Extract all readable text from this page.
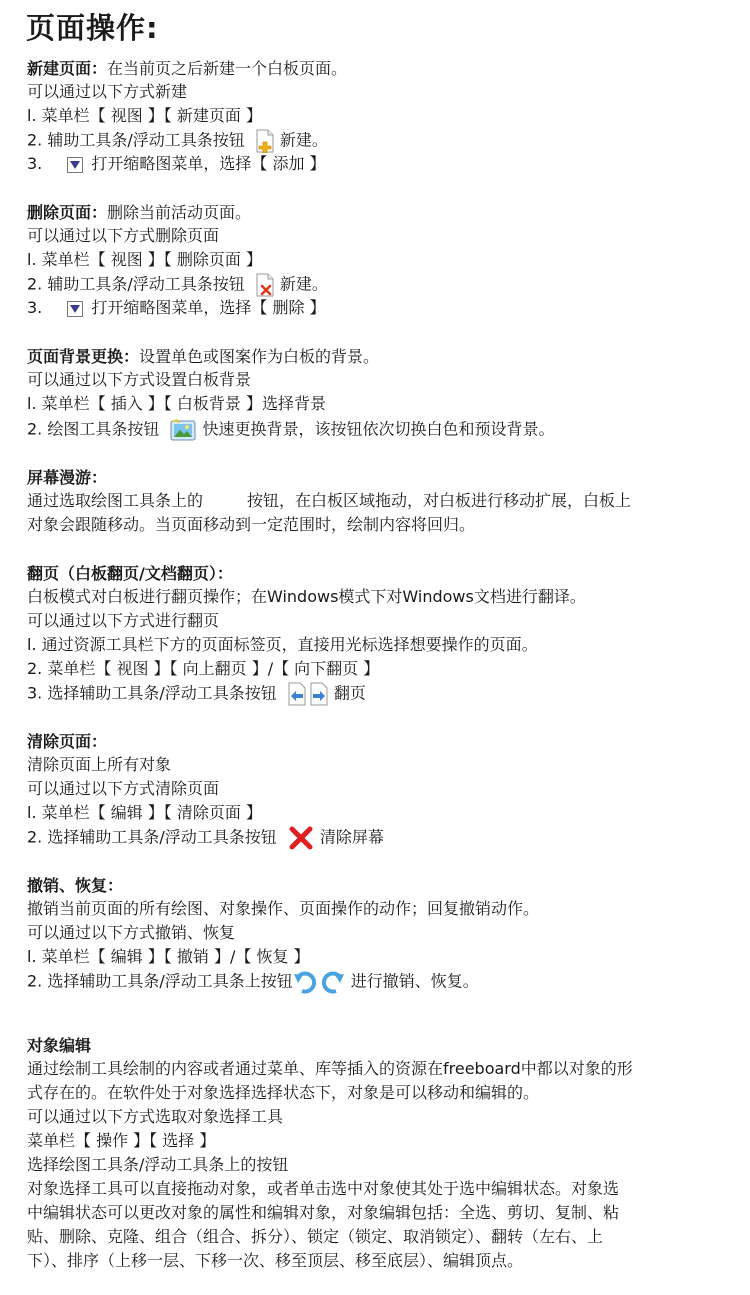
页面操作:
新建页面：在当前页之后新建一个白板页面。
可以通过以下方式新建
l. 菜单栏【 视图 】【 新建页面 】
2. 辅助工具条/浮动工具条按钮 新建。
3.	打开缩略图菜单，选择【 添加 】
删除页面：删除当前活动页面。
可以通过以下方式删除页面
l. 菜单栏【 视图 】【 删除页面 】
2. 辅助工具条/浮动工具条按钮 新建。
3.	打开缩略图菜单，选择【 删除 】
页面背景更换：设置单色或图案作为白板的背景。
可以通过以下方式设置白板背景
l. 菜单栏【 插入 】【 白板背景 】选择背景
2. 绘图工具条按钮	快速更换背景，该按钮依次切换白色和预设背景。
屏幕漫游：
通过选取绘图工具条上的	按钮，在白板区域拖动，对白板进行移动扩展，白板上
对象会跟随移动。当页面移动到一定范围时，绘制内容将回归。
翻页（白板翻页/文档翻页）：
白板模式对白板进行翻页操作；在Windows模式下对Windows文档进行翻译。
可以通过以下方式进行翻页
l. 通过资源工具栏下方的页面标签页，直接用光标选择想要操作的页面。
2. 菜单栏【 视图 】【 向上翻页 】/【 向下翻页 】
3. 选择辅助工具条/浮动工具条按钮	翻页
清除页面：
清除页面上所有对象
可以通过以下方式清除页面
l. 菜单栏【 编辑 】【 清除页面 】
2. 选择辅助工具条/浮动工具条按钮	清除屏幕
撤销、恢复：
撤销当前页面的所有绘图、对象操作、页面操作的动作；回复撤销动作。
可以通过以下方式撤销、恢复
l. 菜单栏【 编辑 】【 撤销 】/【 恢复 】
2. 选择辅助工具条/浮动工具条上按钮	进行撤销、恢复。
对象编辑
通过绘制工具绘制的内容或者通过菜单、库等插入的资源在freeboard中都以对象的形
式存在的。在软件处于对象选择选择状态下，对象是可以移动和编辑的。
可以通过以下方式选取对象选择工具
菜单栏【 操作 】【 选择 】
选择绘图工具条/浮动工具条上的按钮
对象选择工具可以直接拖动对象，或者单击选中对象使其处于选中编辑状态。对象选
中编辑状态可以更改对象的属性和编辑对象，对象编辑包括：全选、剪切、复制、粘
贴、删除、克隆、组合（组合、拆分）、锁定（锁定、取消锁定）、翻转（左右、上
下）、排序（上移一层、下移一次、移至顶层、移至底层）、编辑顶点。
